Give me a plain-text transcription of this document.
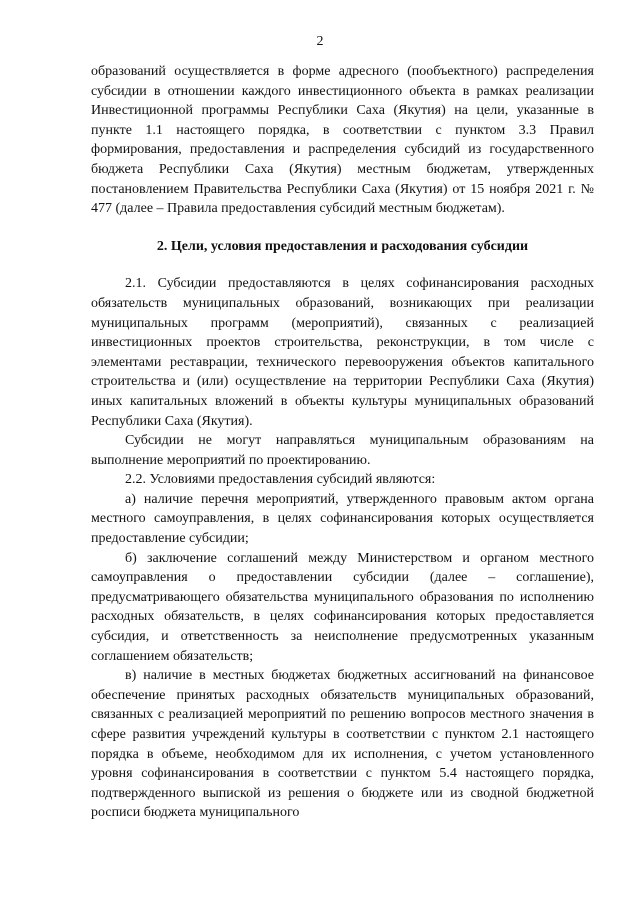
2

образований осуществляется в форме адресного (пообъектного) распределения субсидии в отношении каждого инвестиционного объекта в рамках реализации Инвестиционной программы Республики Саха (Якутия) на цели, указанные в пункте 1.1 настоящего порядка, в соответствии с пунктом 3.3 Правил формирования, предоставления и распределения субсидий из государственного бюджета Республики Саха (Якутия) местным бюджетам, утвержденных постановлением Правительства Республики Саха (Якутия) от 15 ноября 2021 г. № 477 (далее – Правила предоставления субсидий местным бюджетам).

2. Цели, условия предоставления и расходования субсидии

2.1. Субсидии предоставляются в целях софинансирования расходных обязательств муниципальных образований, возникающих при реализации муниципальных программ (мероприятий), связанных с реализацией инвестиционных проектов строительства, реконструкции, в том числе с элементами реставрации, технического перевооружения объектов капитального строительства и (или) осуществление на территории Республики Саха (Якутия) иных капитальных вложений в объекты культуры муниципальных образований Республики Саха (Якутия).

Субсидии не могут направляться муниципальным образованиям на выполнение мероприятий по проектированию.

2.2. Условиями предоставления субсидий являются:

а) наличие перечня мероприятий, утвержденного правовым актом органа местного самоуправления, в целях софинансирования которых осуществляется предоставление субсидии;

б) заключение соглашений между Министерством и органом местного самоуправления о предоставлении субсидии (далее – соглашение), предусматривающего обязательства муниципального образования по исполнению расходных обязательств, в целях софинансирования которых предоставляется субсидия, и ответственность за неисполнение предусмотренных указанным соглашением обязательств;

в) наличие в местных бюджетах бюджетных ассигнований на финансовое обеспечение принятых расходных обязательств муниципальных образований, связанных с реализацией мероприятий по решению вопросов местного значения в сфере развития учреждений культуры в соответствии с пунктом 2.1 настоящего порядка в объеме, необходимом для их исполнения, с учетом установленного уровня софинансирования в соответствии с пунктом 5.4 настоящего порядка, подтвержденного выпиской из решения о бюджете или из сводной бюджетной росписи бюджета муниципального
